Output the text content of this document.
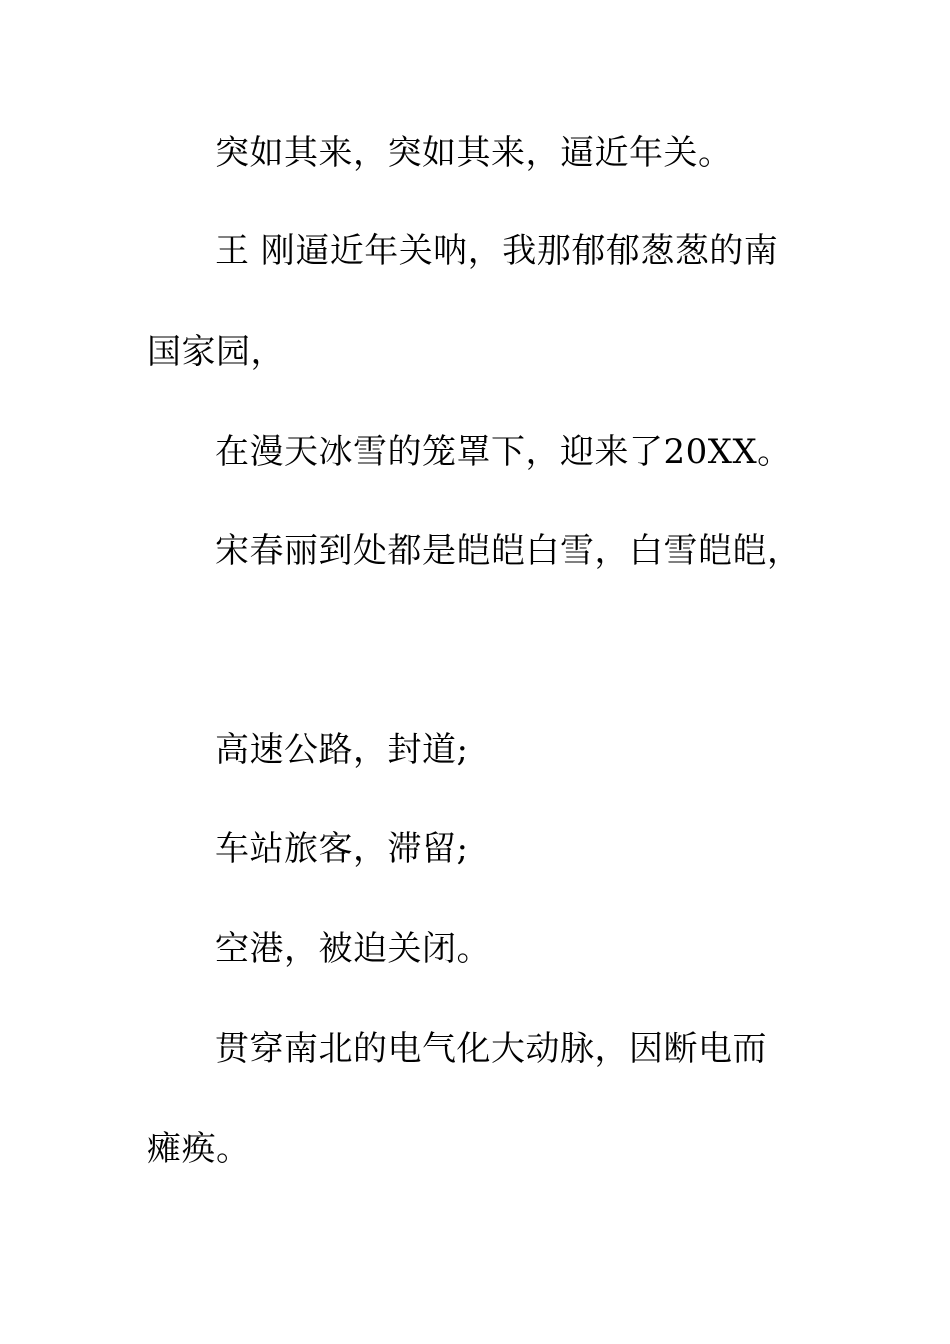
突如其来，突如其来，逼近年关。
王 刚逼近年关呐，我那郁郁葱葱的南
国家园，
在漫天冰雪的笼罩下，迎来了20XX。
宋春丽到处都是皑皑白雪，白雪皑皑，
高速公路，封道;
车站旅客，滞留;
空港，被迫关闭。
贯穿南北的电气化大动脉，因断电而
瘫痪。
